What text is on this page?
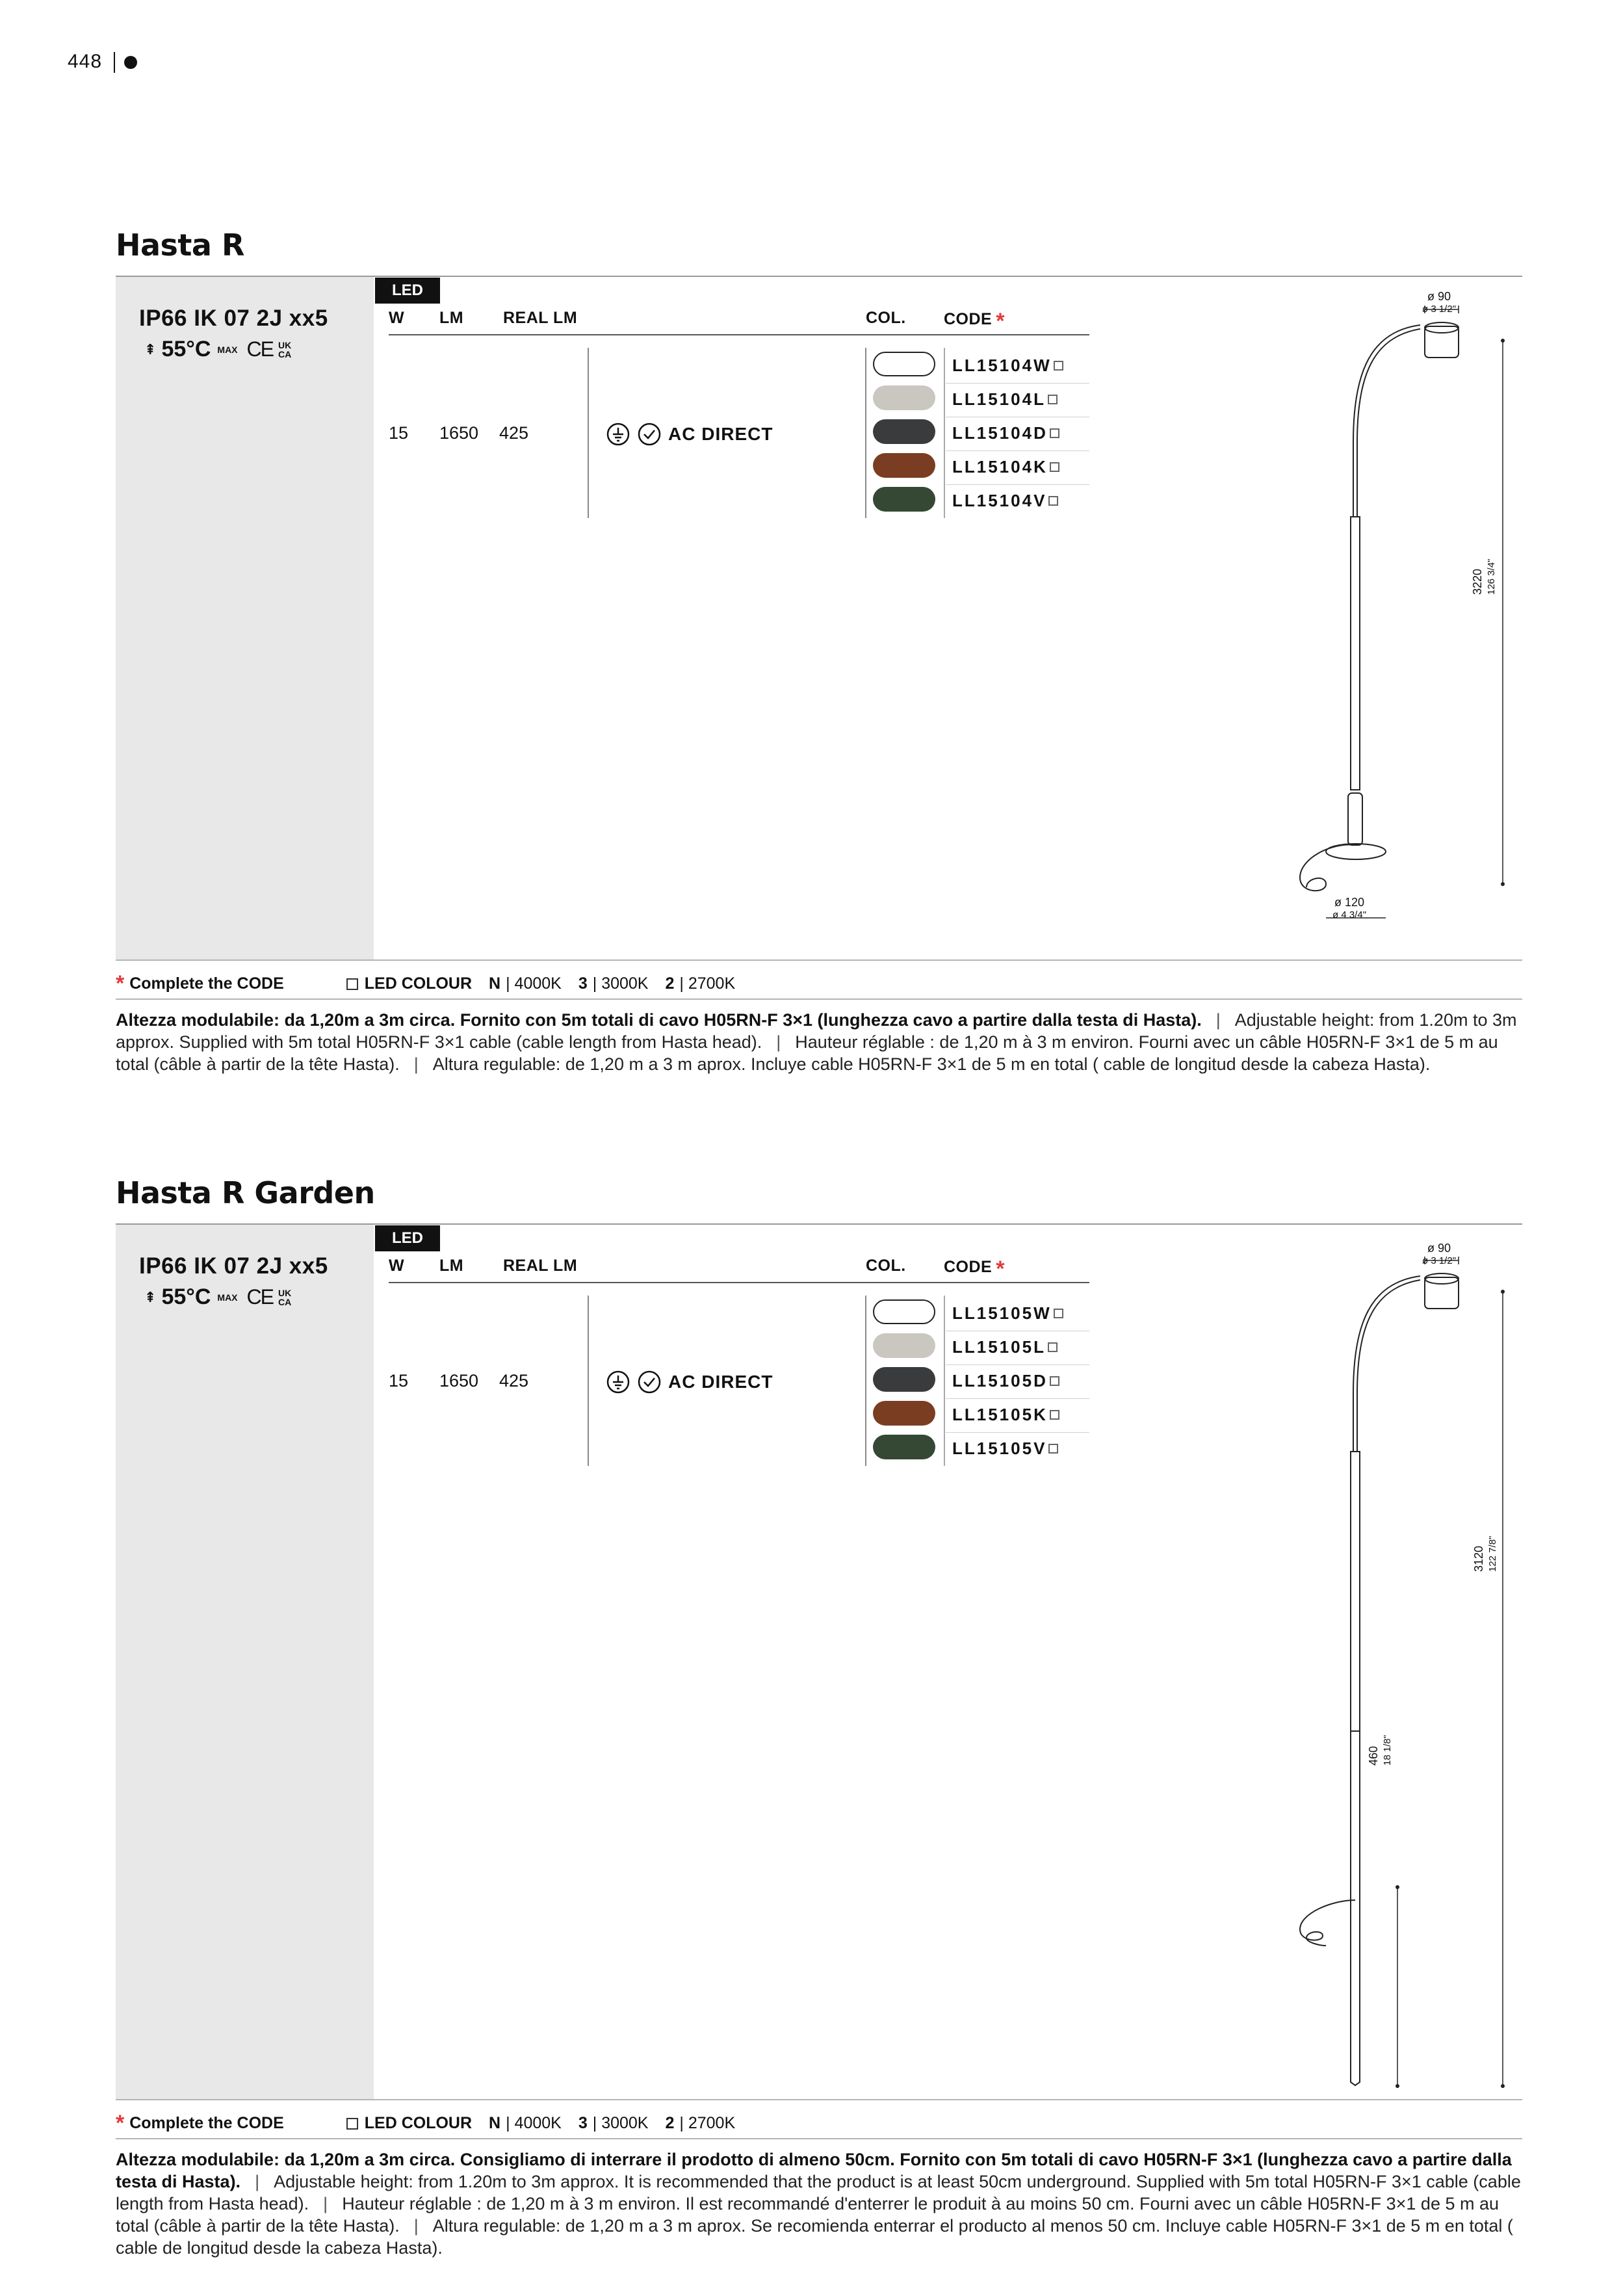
448
Hasta R
IP66 IK 07 2J xx5
⇞ 55°C MAX CE UK CA
LED
W LM REAL LM	COL. CODE *
15 1650 425	AC DIRECT
LL15104W
LL15104L
LL15104D
LL15104K
LL15104V
ø 90
ø 3 1/2"
3220 126 3/4"
ø 120
ø 4 3/4"
* Complete the CODE	LED COLOUR N | 4000K 3 | 3000K 2 | 2700K
Altezza modulabile: da 1,20m a 3m circa. Fornito con 5m totali di cavo H05RN-F 3×1 (lunghezza cavo a partire dalla testa di Hasta). | Adjustable height: from 1.20m to 3m approx. Supplied with 5m total H05RN-F 3×1 cable (cable length from Hasta head). | Hauteur réglable : de 1,20 m à 3 m environ. Fourni avec un câble H05RN-F 3×1 de 5 m au total (câble à partir de la tête Hasta). | Altura regulable: de 1,20 m a 3 m aprox. Incluye cable H05RN-F 3×1 de 5 m en total ( cable de longitud desde la cabeza Hasta).
Hasta R Garden
IP66 IK 07 2J xx5
⇞ 55°C MAX CE UK CA
LED
W LM REAL LM	COL. CODE *
15 1650 425	AC DIRECT
LL15105W
LL15105L
LL15105D
LL15105K
LL15105V
ø 90
ø 3 1/2"
3120 122 7/8"
460 18 1/8"
* Complete the CODE	LED COLOUR N | 4000K 3 | 3000K 2 | 2700K
Altezza modulabile: da 1,20m a 3m circa. Consigliamo di interrare il prodotto di almeno 50cm. Fornito con 5m totali di cavo H05RN-F 3×1 (lunghezza cavo a partire dalla testa di Hasta). | Adjustable height: from 1.20m to 3m approx. It is recommended that the product is at least 50cm underground. Supplied with 5m total H05RN-F 3×1 cable (cable length from Hasta head). | Hauteur réglable : de 1,20 m à 3 m environ. Il est recommandé d'enterrer le produit à au moins 50 cm. Fourni avec un câble H05RN-F 3×1 de 5 m au total (câble à partir de la tête Hasta). | Altura regulable: de 1,20 m a 3 m aprox. Se recomienda enterrar el producto al menos 50 cm. Incluye cable H05RN-F 3×1 de 5 m en total ( cable de longitud desde la cabeza Hasta).
